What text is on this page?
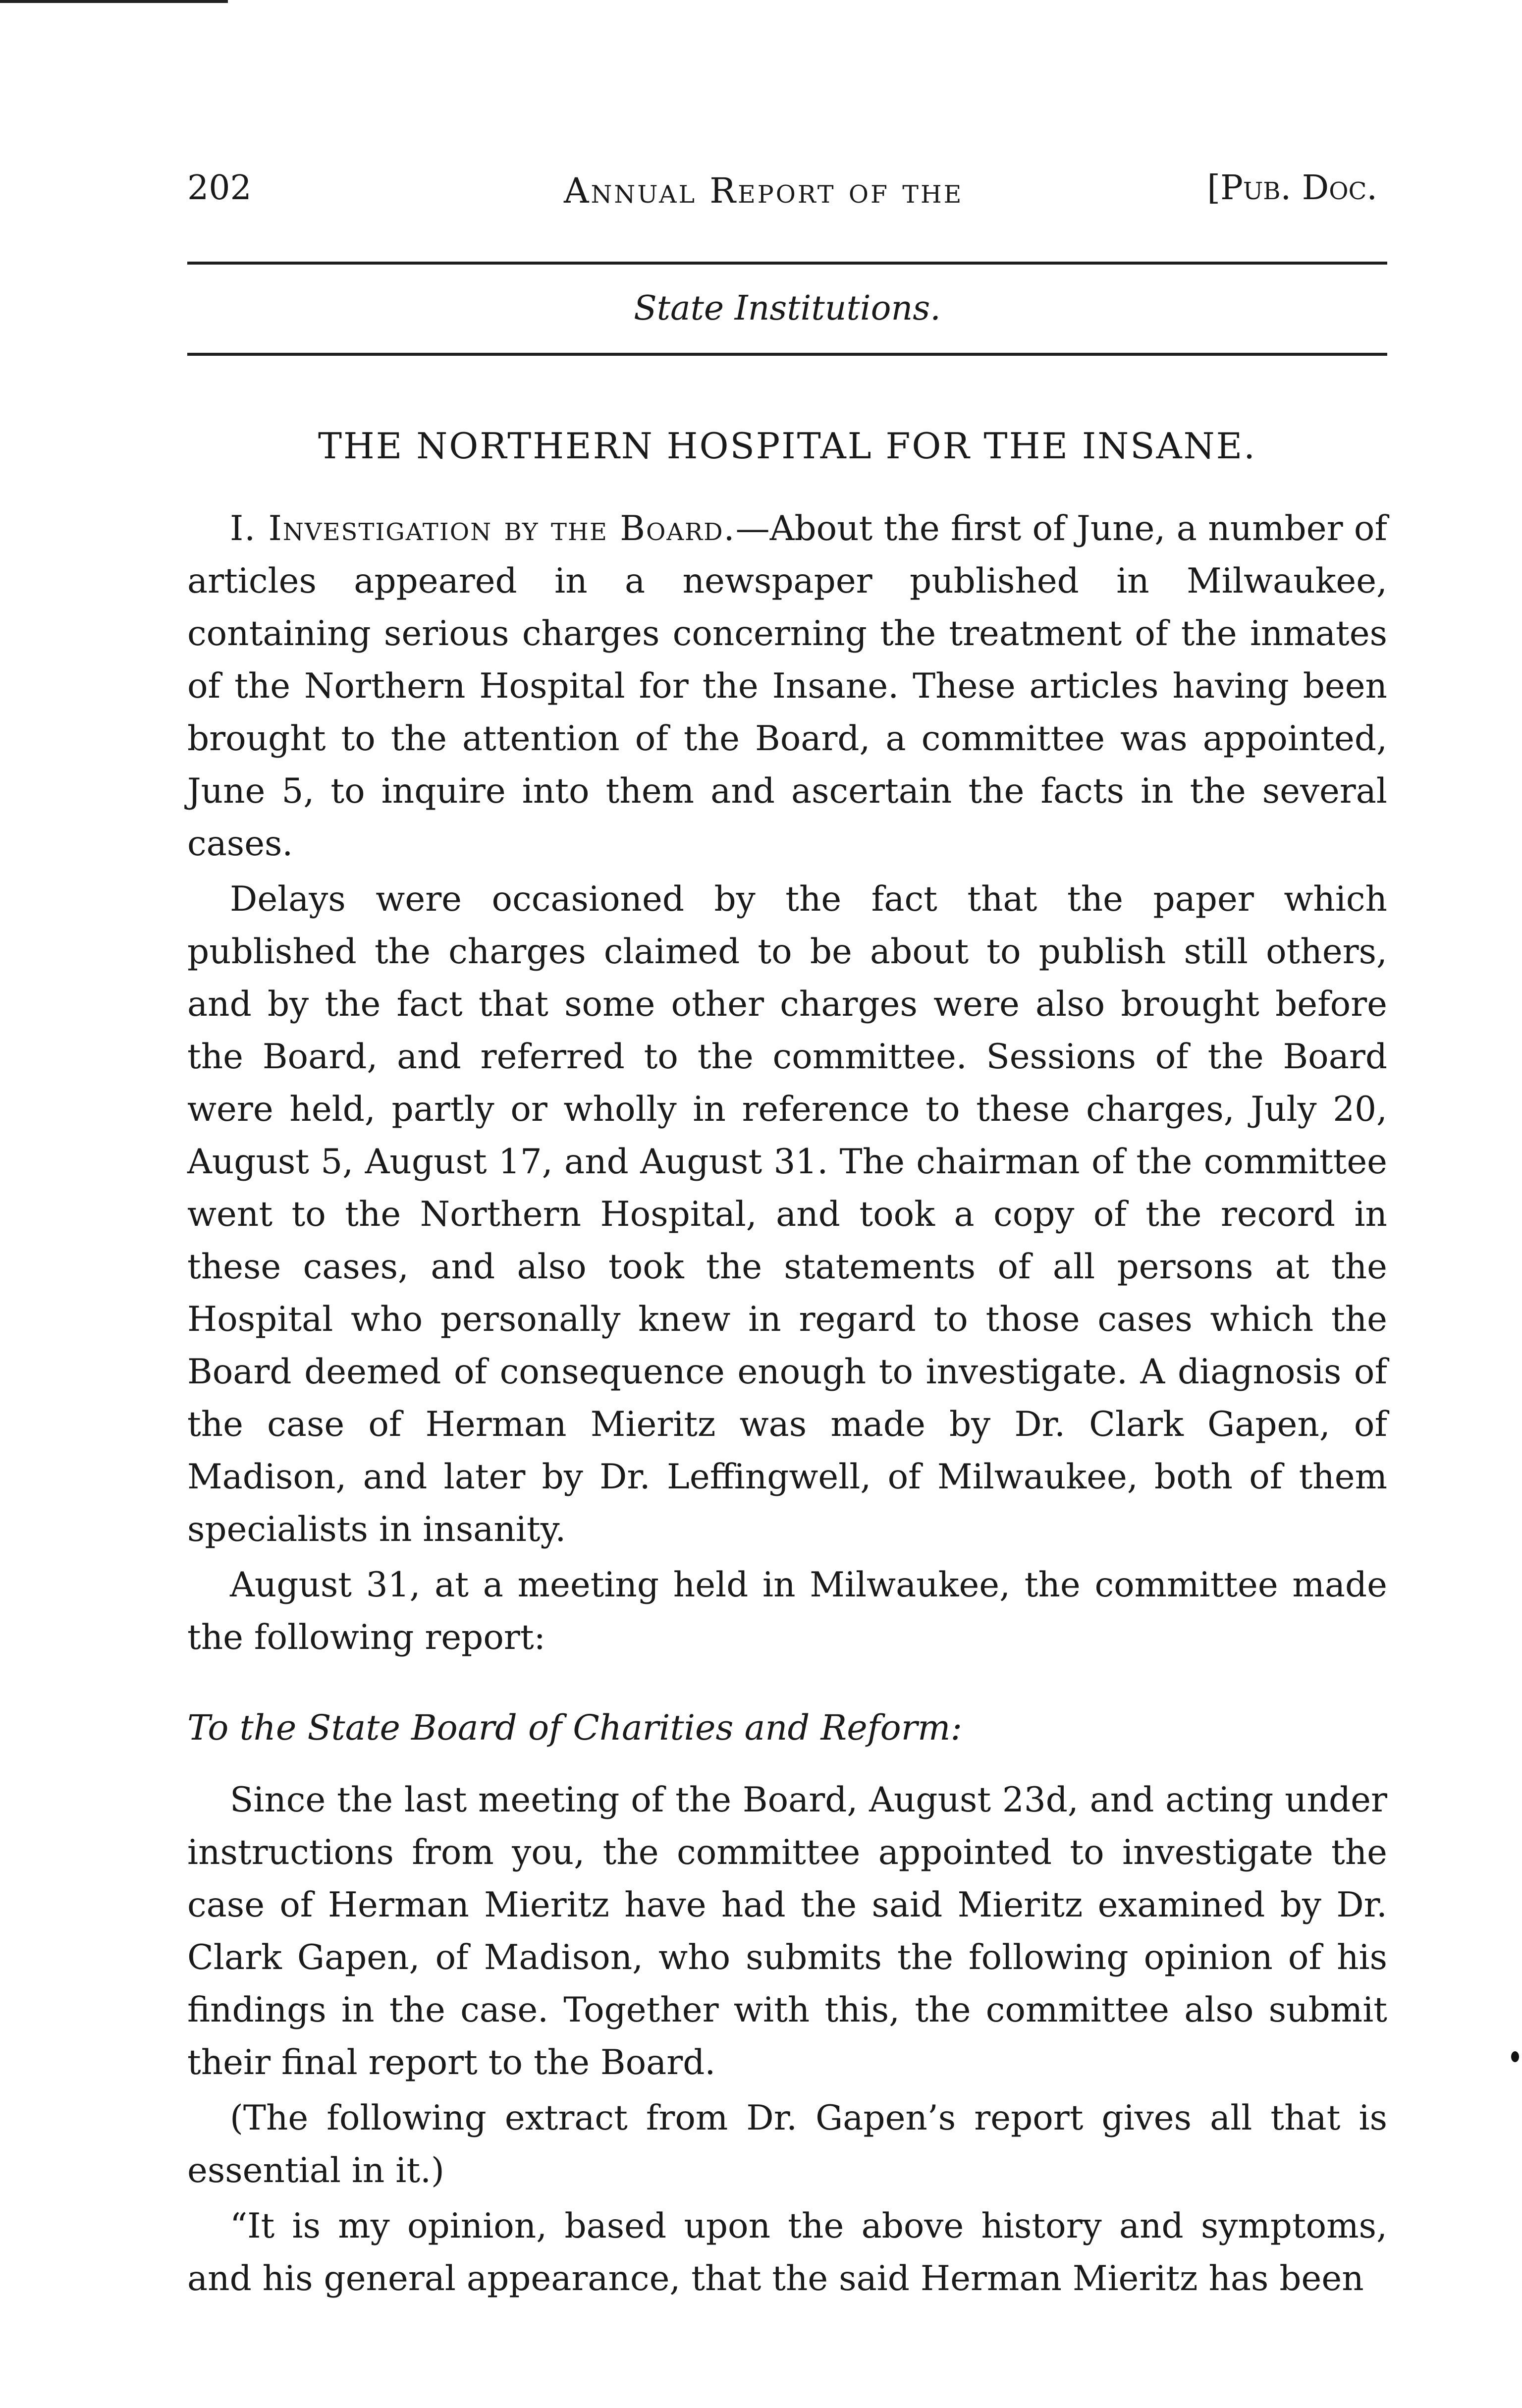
202	Annual Report of the	[Pub. Doc.
State Institutions.
THE NORTHERN HOSPITAL FOR THE INSANE.

I. Investigation by the Board.—About the first of June, a number of articles appeared in a newspaper published in Milwaukee, containing serious charges concerning the treatment of the inmates of the Northern Hospital for the Insane. These articles having been brought to the attention of the Board, a committee was appointed, June 5, to inquire into them and ascertain the facts in the several cases.

Delays were occasioned by the fact that the paper which published the charges claimed to be about to publish still others, and by the fact that some other charges were also brought before the Board, and referred to the committee. Sessions of the Board were held, partly or wholly in reference to these charges, July 20, August 5, August 17, and August 31. The chairman of the committee went to the Northern Hospital, and took a copy of the record in these cases, and also took the statements of all persons at the Hospital who personally knew in regard to those cases which the Board deemed of consequence enough to investigate. A diagnosis of the case of Herman Mieritz was made by Dr. Clark Gapen, of Madison, and later by Dr. Leffingwell, of Milwaukee, both of them specialists in insanity.

August 31, at a meeting held in Milwaukee, the committee made the following report:

To the State Board of Charities and Reform:

Since the last meeting of the Board, August 23d, and acting under instructions from you, the committee appointed to investigate the case of Herman Mieritz have had the said Mieritz examined by Dr. Clark Gapen, of Madison, who submits the following opinion of his findings in the case. Together with this, the committee also submit their final report to the Board.

(The following extract from Dr. Gapen’s report gives all that is essential in it.)

“It is my opinion, based upon the above history and symptoms, and his general appearance, that the said Herman Mieritz has been
